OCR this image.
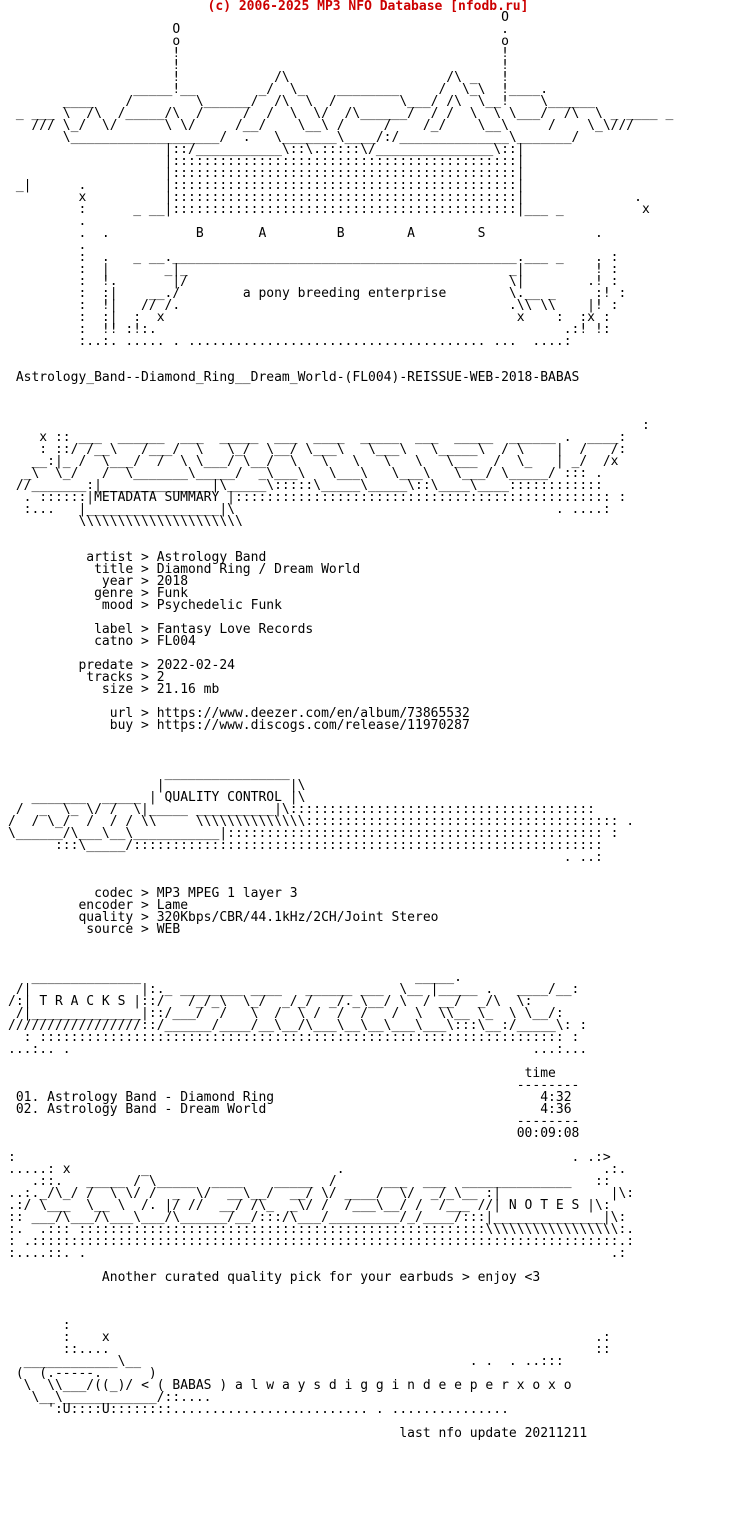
(c) 2006-2025 MP3 NFO Database [nfodb.ru]
O
O                                         .
o                                         o
!                                         !
!                                         !
!            /\                    /\ _   !
_____!__        _/  \_    ________     /  \_\  !____.
____    /        \______/  /\  \  /        \___/ /\  \__!    \______
_ ___ \  /\  /_____/\  /     /  /  \  \/  /\______/  / /  \  \ \___/  /\  \ _ ____ _
/// \_/  \/      \ \/     /__/    \__\ /     /    /_/    \__\     /    \_\///
\___________________/  .   \_______\____/:/______________\_______/
|::/___________\::\.:::::\/_______________\::|
|::::::::::::::::::::::::::::::::::::::::::::|
|::::::::::::::::::::::::::::::::::::::::::::|
_|      .          |::::::::::::::::::::::::::::::::::::::::::::|
x          |::::::::::::::::::::::::::::::::::::::::::::|              .
:      _ __|::::::::::::::::::::::::::::::::::::::::::::|___ _          x
.
.  .	B       A         B        A        S	.
.
:  .   _ __.____________________________________________.___ _    . :
:  |       _|_                                         _|         ! :
:  !.       |/                                         \|        .! :
:  :|    __./	a pony breeding enterprise	\.__ _     :! :
:  !|   // /.                                          .\\ \\    |! :
:  :|  :  x                                             x    :  :x :
:  !! :!:.                                                    .:! !:
:..:. ..... . ...................................... ...  ....:

Astrology_Band--Diamond_Ring__Dream_World-(FL004)-REISSUE-WEB-2018-BABAS

:
x :: ___  ______  ___  _____  ___  ____  _____  ___  _____  ______ .  ____:
: ::/ /__\   /___/  \   \_/  \__/ \___\   \___\   \_____\  / \    |  /   /:
__:|_ /  \___/  /  \ \___/ \__/  \   \   \   \   \   \___  /  \_   | _/  /x
_\  \_/   /  \_______\_____/  _\___\   \___\   \___\   \___/ \_____/ ::: .
//_______:|______________|\_____\:::::\_____\_____\::\____\____::::::::::::
. ::::::|METADATA SUMMARY |:::::::::::::::::::::::::::::::::::::::::::::::: :
:...   |_________________|\                                         . ....:
\\\\\\\\\\\\\\\\\\\\\

artist > Astrology Band
title > Diamond Ring / Dream World
year > 2018
genre > Funk
mood > Psychedelic Funk

label > Fantasy Love Records
catno > FL004

predate > 2022-02-24
tracks > 2
size > 21.16 mb

url > https://www.deezer.com/en/album/73865532
buy > https://www.discogs.com/release/11970287

________________
|                |\
_______  _____ | QUALITY CONTROL |\
/  _  \_ \/ /  \|_____ __________|\:::::::::::::::::::::::::::::::::::::::
/  / \_/  /  / / \\     \\\\\\\\\\\\\\:::::::::::::::::::::::::::::::::::::::: .
\______/\___\__\___________|:::::::::::::::::::::::::::::::::::::::::::::::: :
:::\_____/::::::::::::::::::::::::::::::::::::::::::::::::::::::::::::
. ..:

codec > MP3 MPEG 1 layer 3
encoder > Lame
quality > 320Kbps/CBR/44.1kHz/2CH/Joint Stereo
source > WEB

______________                                   _____.
/|              |:._ ________ ____   ______ ___  \__ |_____ .   ____/__:
/:| T R A C K S |::/   /_/_\  \_/  _/_/  _/._\__/ \  / __/  _/\  \:
/|______________|::/___/  /   \  /  \ /  /  /   /  \  \\__ \_  \ \__/:
/////////////////::/______/____/__\__/\___\__\__\___\___\:::\__:/_____\: :
: ::::::::::::::::::::::::::::::::::::::::::::::::::::::::::::::::::: :
...:.. .                                                           ...:...

time
--------
01. Astrology Band - Diamond Ring	4:32
02. Astrology Band - Dream World	4:36
--------
00:09:08

:                                                                       . .:>
.....: x         _                        .                                 .:.
.::.   _____ / \_____  ____    _____  /      ___  ___  ______________   ::
..:._/\_/ /  \ \/ /  _  \/  __\__/  __/ \/ ____/  \/  _/_\__ :|              |\:
.:/ \___  \__ \  /. |/ //  __/ /\_  _\/ /  /___\__/ /  /___ //| N O T E S |\:
:: ___/\___/\___\___/\______/__/:::/\___/_________/_/____/:::|______________|\:
:.  .::: ::::::::::::::::::::::::::::::::::::::::::::::::::::\\\\\\\\\\\\\\\\\:.
: .:::::::::::::::::::::::::::::::::::::::::::::::::::::::::::::::::::::::::::.:
:....::. .                                                                   .:

Another curated quality pick for your earbuds > enjoy <3

:
:    x                                                              .:
::....                                                              ::
____________\__                                          . .  . ..:::
(  (.-----.      )
\  \\___/((_)/ < ( BABAS ) a l w a y s d i g g i n d e e p e r x o x o
\__\____________/::....
':U::::U::::::::......................... . ...............

last nfo update 20211211
